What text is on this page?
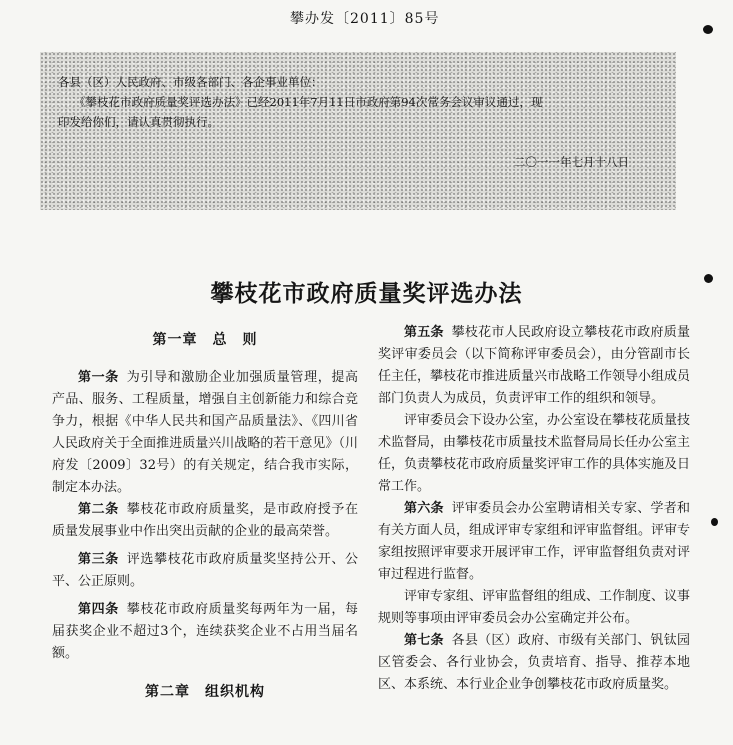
攀办发〔2011〕85号

各县（区）人民政府、市级各部门、各企事业单位：

《攀枝花市政府质量奖评选办法》已经2011年7月11日市政府第94次常务会议审议通过，现

印发给你们，请认真贯彻执行。

二〇一一年七月十八日

攀枝花市政府质量奖评选办法
第一章　总　则

第一条 为引导和激励企业加强质量管理，提高产品、服务、工程质量，增强自主创新能力和综合竞争力，根据《中华人民共和国产品质量法》、《四川省人民政府关于全面推进质量兴川战略的若干意见》（川府发〔2009〕32号）的有关规定，结合我市实际，制定本办法。

第二条 攀枝花市政府质量奖，是市政府授予在质量发展事业中作出突出贡献的企业的最高荣誉。

第三条 评选攀枝花市政府质量奖坚持公开、公平、公正原则。

第四条 攀枝花市政府质量奖每两年为一届，每届获奖企业不超过3个，连续获奖企业不占用当届名额。

第二章　组织机构

第五条 攀枝花市人民政府设立攀枝花市政府质量奖评审委员会（以下简称评审委员会），由分管副市长任主任，攀枝花市推进质量兴市战略工作领导小组成员部门负责人为成员，负责评审工作的组织和领导。

评审委员会下设办公室，办公室设在攀枝花质量技术监督局，由攀枝花市质量技术监督局局长任办公室主任，负责攀枝花市政府质量奖评审工作的具体实施及日常工作。

第六条 评审委员会办公室聘请相关专家、学者和有关方面人员，组成评审专家组和评审监督组。评审专家组按照评审要求开展评审工作，评审监督组负责对评审过程进行监督。

评审专家组、评审监督组的组成、工作制度、议事规则等事项由评审委员会办公室确定并公布。

第七条 各县（区）政府、市级有关部门、钒钛园区管委会、各行业协会，负责培育、指导、推荐本地区、本系统、本行业企业争创攀枝花市政府质量奖。
